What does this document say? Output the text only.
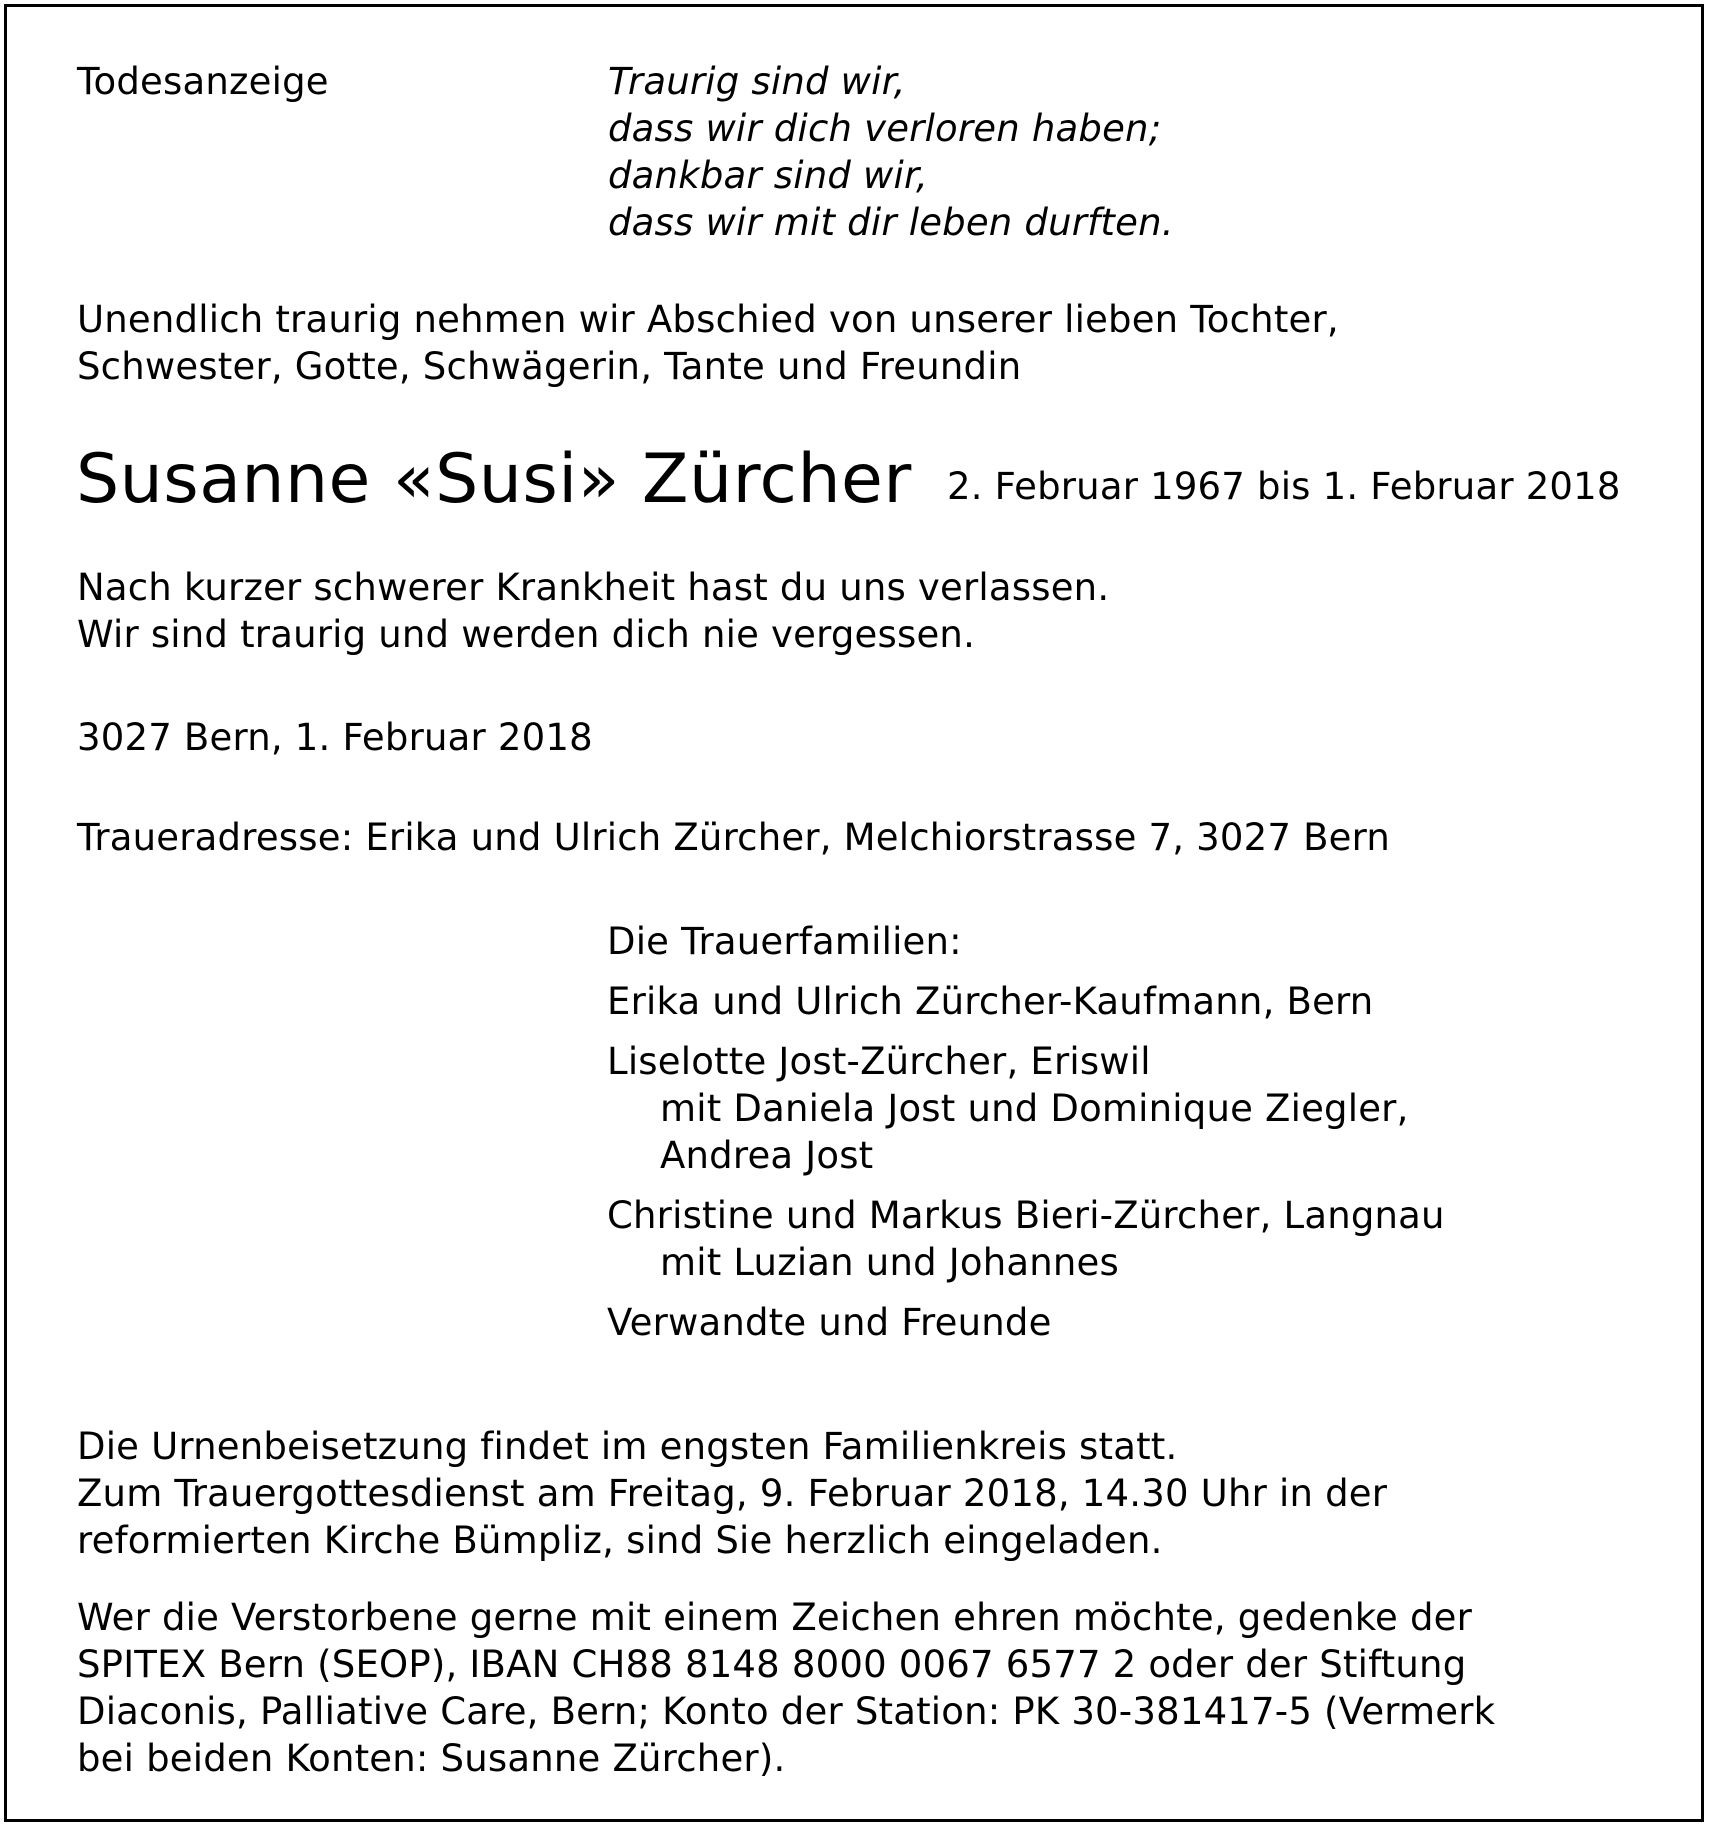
Todesanzeige	Traurig sind wir,
dass wir dich verloren haben;
dankbar sind wir,
dass wir mit dir leben durften.
Unendlich traurig nehmen wir Abschied von unserer lieben Tochter,
Schwester, Gotte, Schwägerin, Tante und Freundin
Susanne «Susi» Zürcher 2. Februar 1967 bis 1. Februar 2018
Nach kurzer schwerer Krankheit hast du uns verlassen.
Wir sind traurig und werden dich nie vergessen.
3027 Bern, 1. Februar 2018
Traueradresse: Erika und Ulrich Zürcher, Melchiorstrasse 7, 3027 Bern
Die Trauerfamilien:
Erika und Ulrich Zürcher-Kaufmann, Bern
Liselotte Jost-Zürcher, Eriswil
mit Daniela Jost und Dominique Ziegler,
Andrea Jost
Christine und Markus Bieri-Zürcher, Langnau
mit Luzian und Johannes
Verwandte und Freunde
Die Urnenbeisetzung findet im engsten Familienkreis statt.
Zum Trauergottesdienst am Freitag, 9. Februar 2018, 14.30 Uhr in der
reformierten Kirche Bümpliz, sind Sie herzlich eingeladen.
Wer die Verstorbene gerne mit einem Zeichen ehren möchte, gedenke der
SPITEX Bern (SEOP), IBAN CH88 8148 8000 0067 6577 2 oder der Stiftung
Diaconis, Palliative Care, Bern; Konto der Station: PK 30-381417-5 (Vermerk
bei beiden Konten: Susanne Zürcher).
